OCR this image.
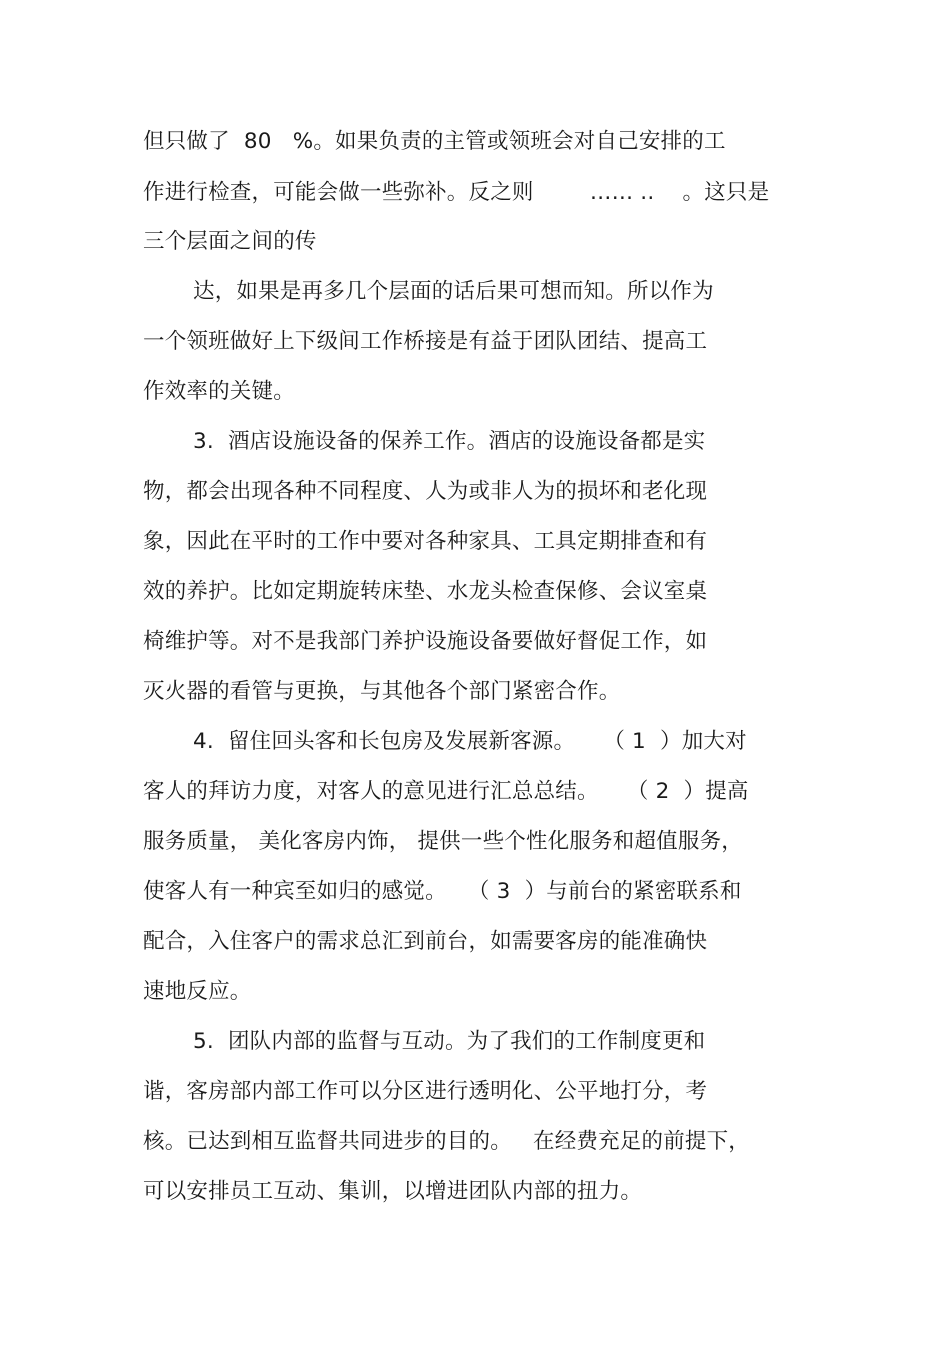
但只做了  80   %。如果负责的主管或领班会对自己安排的工
作进行检查，可能会做一些弥补。反之则        …… ..    。这只是
三个层面之间的传
达，如果是再多几个层面的话后果可想而知。所以作为
一个领班做好上下级间工作桥接是有益于团队团结、提高工
作效率的关键。
3.  酒店设施设备的保养工作。酒店的设施设备都是实
物，都会出现各种不同程度、人为或非人为的损坏和老化现
象，因此在平时的工作中要对各种家具、工具定期排查和有
效的养护。比如定期旋转床垫、水龙头检查保修、会议室桌
椅维护等。对不是我部门养护设施设备要做好督促工作，如
灭火器的看管与更换，与其他各个部门紧密合作。
4.  留住回头客和长包房及发展新客源。    （ 1  ）加大对
客人的拜访力度，对客人的意见进行汇总总结。    （ 2  ）提高
服务质量， 美化客房内饰， 提供一些个性化服务和超值服务，
使客人有一种宾至如归的感觉。   （ 3  ）与前台的紧密联系和
配合，入住客户的需求总汇到前台，如需要客房的能准确快
速地反应。
5.  团队内部的监督与互动。为了我们的工作制度更和
谐，客房部内部工作可以分区进行透明化、公平地打分，考
核。已达到相互监督共同进步的目的。   在经费充足的前提下，
可以安排员工互动、集训，以增进团队内部的扭力。
